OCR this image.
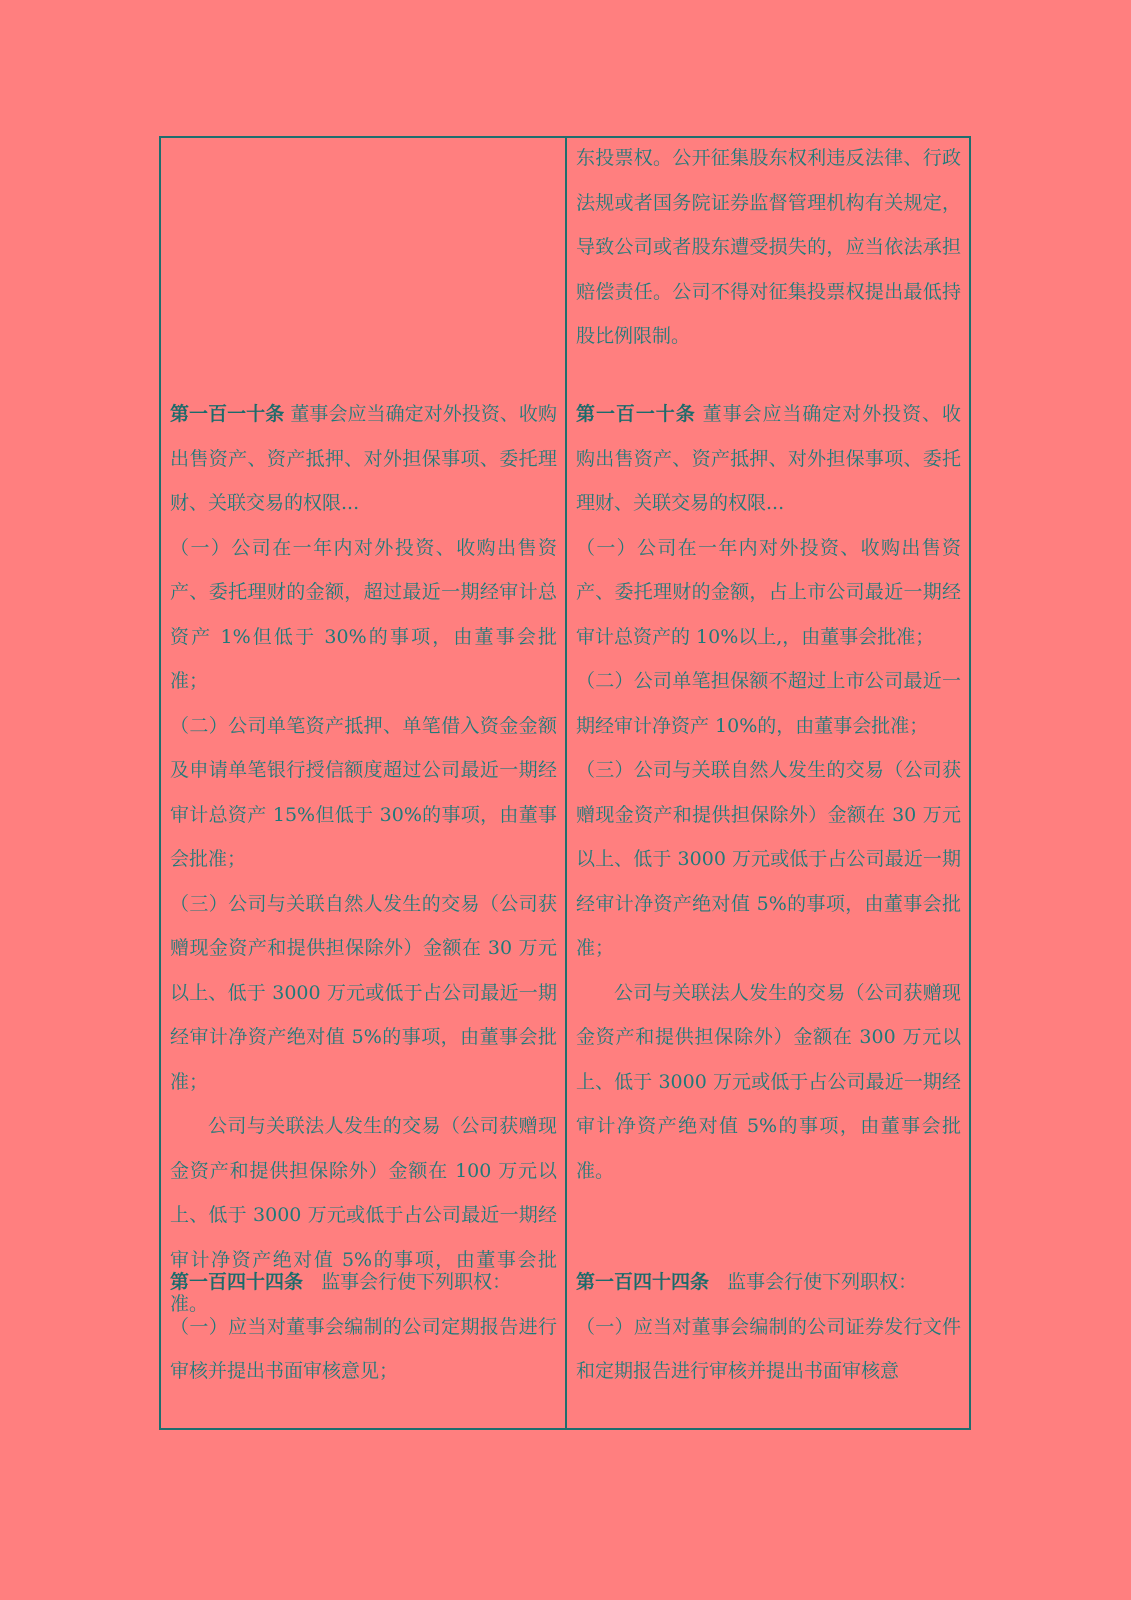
第一百一十条 董事会应当确定对外投资、收购出售资产、资产抵押、对外担保事项、委托理财、关联交易的权限...

（一）公司在一年内对外投资、收购出售资产、委托理财的金额，超过最近一期经审计总资产 1%但低于 30%的事项，由董事会批准；

（二）公司单笔资产抵押、单笔借入资金金额及申请单笔银行授信额度超过公司最近一期经审计总资产 15%但低于 30%的事项，由董事会批准；

（三）公司与关联自然人发生的交易（公司获赠现金资产和提供担保除外）金额在 30 万元以上、低于 3000 万元或低于占公司最近一期经审计净资产绝对值 5%的事项，由董事会批准；

公司与关联法人发生的交易（公司获赠现金资产和提供担保除外）金额在 100 万元以上、低于 3000 万元或低于占公司最近一期经审计净资产绝对值 5%的事项，由董事会批准。

第一百四十四条 监事会行使下列职权：

（一）应当对董事会编制的公司定期报告进行审核并提出书面审核意见；

东投票权。公开征集股东权利违反法律、行政法规或者国务院证券监督管理机构有关规定，导致公司或者股东遭受损失的，应当依法承担赔偿责任。公司不得对征集投票权提出最低持股比例限制。

第一百一十条 董事会应当确定对外投资、收购出售资产、资产抵押、对外担保事项、委托理财、关联交易的权限...

（一）公司在一年内对外投资、收购出售资产、委托理财的金额，占上市公司最近一期经审计总资产的 10%以上,，由董事会批准；

（二）公司单笔担保额不超过上市公司最近一期经审计净资产 10%的，由董事会批准；

（三）公司与关联自然人发生的交易（公司获赠现金资产和提供担保除外）金额在 30 万元以上、低于 3000 万元或低于占公司最近一期经审计净资产绝对值 5%的事项，由董事会批准；

公司与关联法人发生的交易（公司获赠现金资产和提供担保除外）金额在 300 万元以上、低于 3000 万元或低于占公司最近一期经审计净资产绝对值 5%的事项，由董事会批准。

第一百四十四条 监事会行使下列职权：

（一）应当对董事会编制的公司证券发行文件和定期报告进行审核并提出书面审核意
